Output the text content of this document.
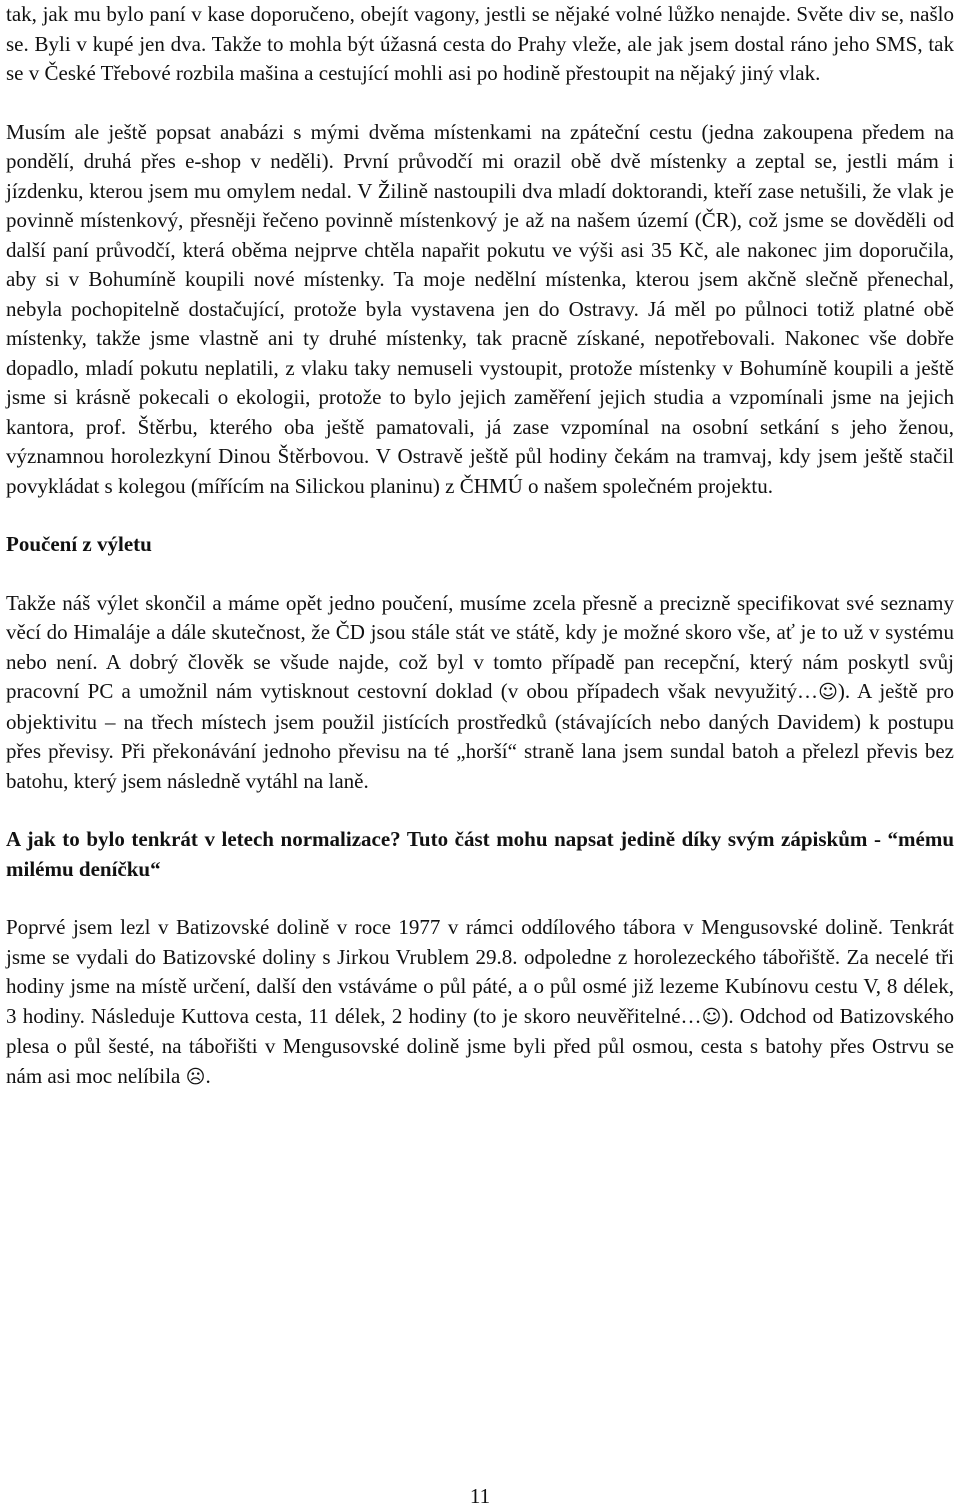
tak, jak mu bylo paní v kase doporučeno, obejít vagony, jestli se nějaké volné lůžko nenajde. Světe div se, našlo se. Byli v kupé jen dva. Takže to mohla být úžasná cesta do Prahy vleže, ale jak jsem dostal ráno jeho SMS, tak se v České Třebové rozbila mašina a cestující mohli asi po hodině přestoupit na nějaký jiný vlak.

Musím ale ještě popsat anabázi s mými dvěma místenkami na zpáteční cestu (jedna zakoupena předem na pondělí, druhá přes e-shop v neděli). První průvodčí mi orazil obě dvě místenky a zeptal se, jestli mám i jízdenku, kterou jsem mu omylem nedal. V Žilině nastoupili dva mladí doktorandi, kteří zase netušili, že vlak je povinně místenkový, přesněji řečeno povinně místenkový je až na našem území (ČR), což jsme se dověděli od další paní průvodčí, která oběma nejprve chtěla napařit pokutu ve výši asi 35 Kč, ale nakonec jim doporučila, aby si v Bohumíně koupili nové místenky. Ta moje nedělní místenka, kterou jsem akčně slečně přenechal, nebyla pochopitelně dostačující, protože byla vystavena jen do Ostravy. Já měl po půlnoci totiž platné obě místenky, takže jsme vlastně ani ty druhé místenky, tak pracně získané, nepotřebovali. Nakonec vše dobře dopadlo, mladí pokutu neplatili, z vlaku taky nemuseli vystoupit, protože místenky v Bohumíně koupili a ještě jsme si krásně pokecali o ekologii, protože to bylo jejich zaměření jejich studia a vzpomínali jsme na jejich kantora, prof. Štěrbu, kterého oba ještě pamatovali, já zase vzpomínal na osobní setkání s jeho ženou, významnou horolezkyní Dinou Štěrbovou. V Ostravě ještě půl hodiny čekám na tramvaj, kdy jsem ještě stačil povykládat s kolegou (mířícím na Silickou planinu) z ČHMÚ o našem společném projektu.

Poučení z výletu

Takže náš výlet skončil a máme opět jedno poučení, musíme zcela přesně a precizně specifikovat své seznamy věcí do Himaláje a dále skutečnost, že ČD jsou stále stát ve státě, kdy je možné skoro vše, ať je to už v systému nebo není. A dobrý člověk se všude najde, což byl v tomto případě pan recepční, který nám poskytl svůj pracovní PC a umožnil nám vytisknout cestovní doklad (v obou případech však nevyužitý…☺). A ještě pro objektivitu – na třech místech jsem použil jistících prostředků (stávajících nebo daných Davidem) k postupu přes převisy. Při překonávání jednoho převisu na té „horší“ straně lana jsem sundal batoh a přelezl převis bez batohu, který jsem následně vytáhl na laně.

A jak to bylo tenkrát v letech normalizace? Tuto část mohu napsat jedině díky svým zápiskům - “mému milému deníčku“

Poprvé jsem lezl v Batizovské dolině v roce 1977 v rámci oddílového tábora v Mengusovské dolině. Tenkrát jsme se vydali do Batizovské doliny s Jirkou Vrublem 29.8. odpoledne z horolezeckého tábořiště. Za necelé tři hodiny jsme na místě určení, další den vstáváme o půl páté, a o půl osmé již lezeme Kubínovu cestu V, 8 délek, 3 hodiny. Následuje Kuttova cesta, 11 délek, 2 hodiny (to je skoro neuvěřitelné…☺). Odchod od Batizovského plesa o půl šesté, na tábořišti v Mengusovské dolině jsme byli před půl osmou, cesta s batohy přes Ostrvu se nám asi moc nelíbila ☹.

11
